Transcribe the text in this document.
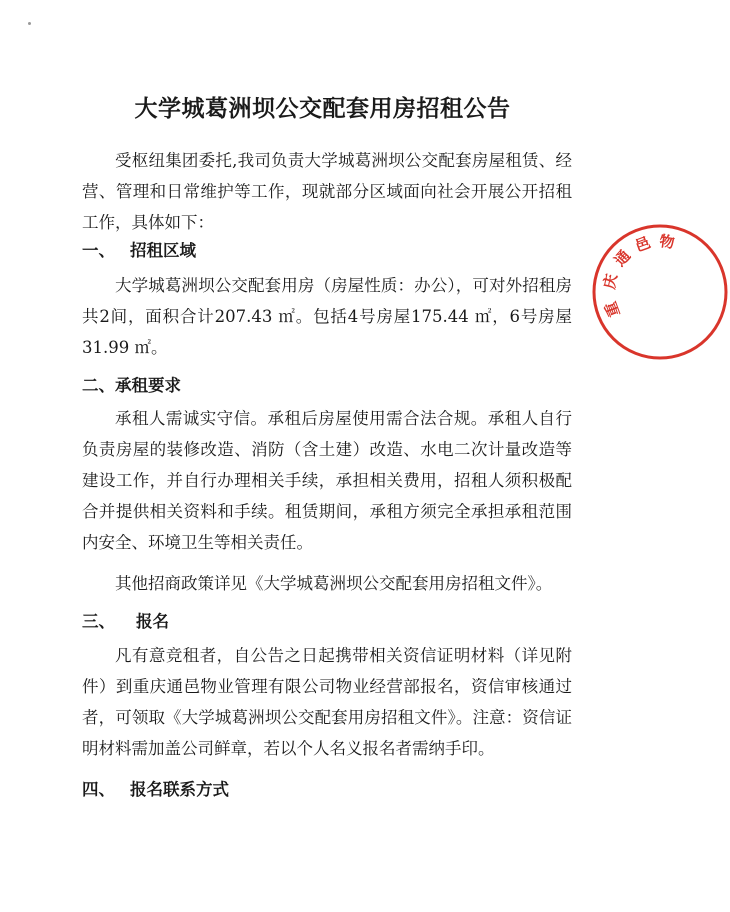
大学城葛洲坝公交配套用房招租公告
受枢纽集团委托,我司负责大学城葛洲坝公交配套房屋租赁、经营、管理和日常维护等工作，现就部分区域面向社会开展公开招租工作，具体如下：
一、 招租区域
大学城葛洲坝公交配套用房（房屋性质：办公），可对外招租房共2间，面积合计207.43 ㎡。包括4号房屋175.44 ㎡，6号房屋31.99 ㎡。
二、承租要求
承租人需诚实守信。承租后房屋使用需合法合规。承租人自行负责房屋的装修改造、消防（含土建）改造、水电二次计量改造等建设工作，并自行办理相关手续，承担相关费用，招租人须积极配合并提供相关资料和手续。租赁期间，承租方须完全承担承租范围内安全、环境卫生等相关责任。
其他招商政策详见《大学城葛洲坝公交配套用房招租文件》。
三、 报名
凡有意竞租者，自公告之日起携带相关资信证明材料（详见附件）到重庆通邑物业管理有限公司物业经营部报名，资信审核通过者，可领取《大学城葛洲坝公交配套用房招租文件》。注意：资信证明材料需加盖公司鲜章，若以个人名义报名者需纳手印。
四、 报名联系方式
重
庆
通
邑 物
